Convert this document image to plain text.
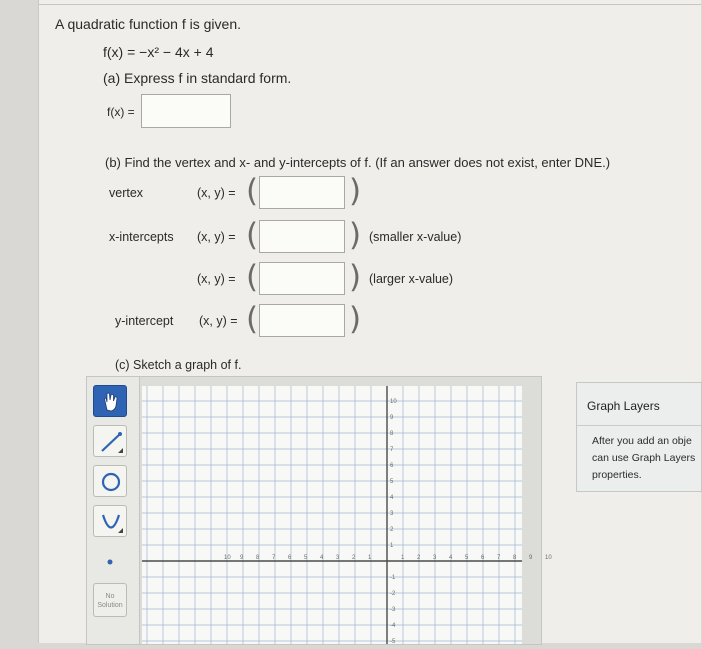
A quadratic function f is given.
f(x) = −x² − 4x + 4
(a) Express f in standard form.
f(x) =
(b) Find the vertex and x- and y-intercepts of f. (If an answer does not exist, enter DNE.)
vertex	(x, y) = (	)
x-intercepts (x, y) = (	) (smaller x-value)
(x, y) = (	) (larger x-value)
y-intercept (x, y) = (	)
(c) Sketch a graph of f.
No Solution
10
9
8
7
6
5
4
3
2
1
-1
-2
-3
-4
-5
10 9 8 7 6 5 4 3 2 1	1 2 3 4 5 6 7 8 9 10
Graph Layers
After you add an obje
can use Graph Layers
properties.
